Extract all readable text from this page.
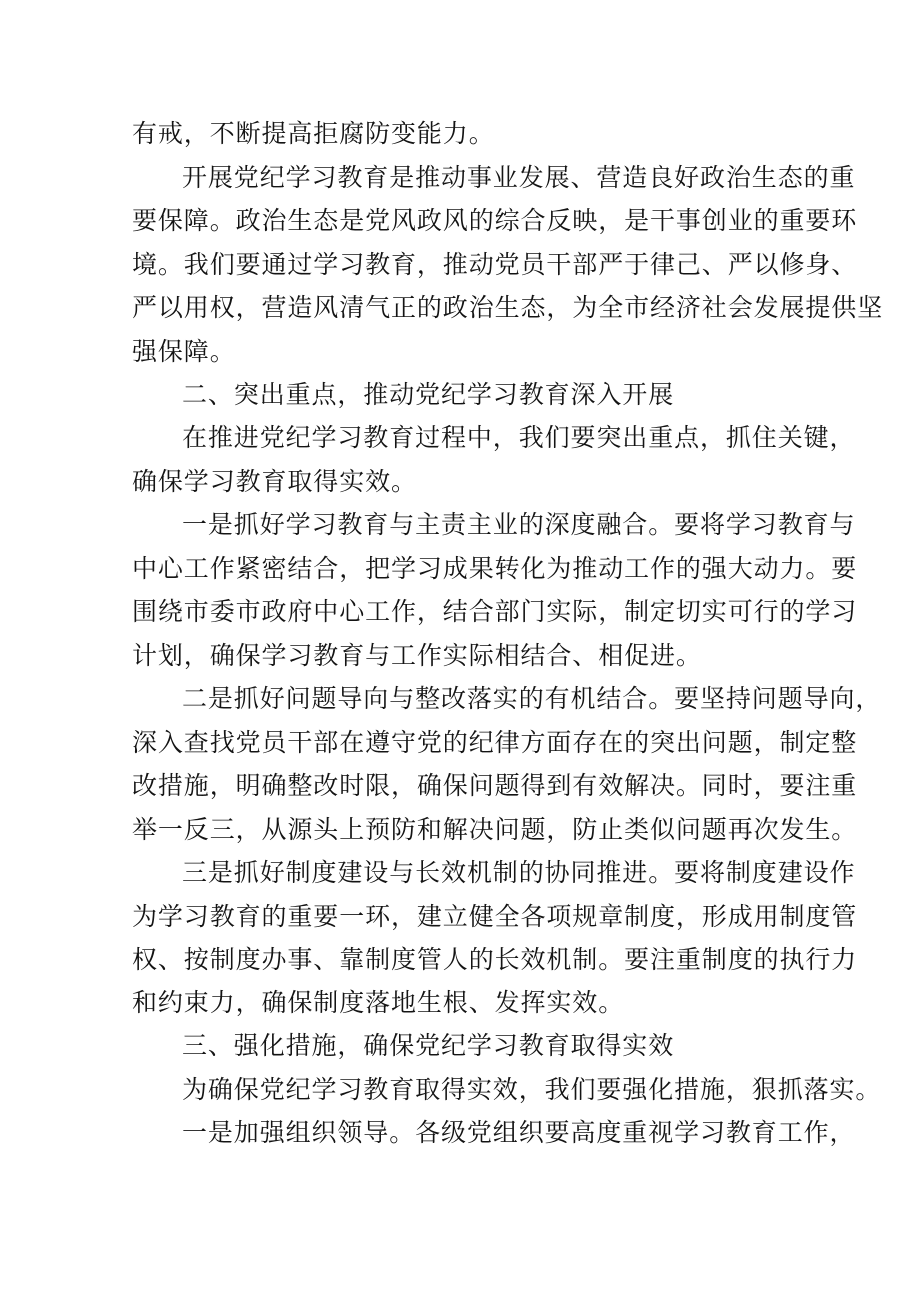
有戒，不断提高拒腐防变能力。
开展党纪学习教育是推动事业发展、营造良好政治生态的重
要保障。政治生态是党风政风的综合反映，是干事创业的重要环
境。我们要通过学习教育，推动党员干部严于律己、严以修身、
严以用权，营造风清气正的政治生态，为全市经济社会发展提供坚
强保障。
二、突出重点，推动党纪学习教育深入开展
在推进党纪学习教育过程中，我们要突出重点，抓住关键，
确保学习教育取得实效。
一是抓好学习教育与主责主业的深度融合。要将学习教育与
中心工作紧密结合，把学习成果转化为推动工作的强大动力。要
围绕市委市政府中心工作，结合部门实际，制定切实可行的学习
计划，确保学习教育与工作实际相结合、相促进。
二是抓好问题导向与整改落实的有机结合。要坚持问题导向，
深入查找党员干部在遵守党的纪律方面存在的突出问题，制定整
改措施，明确整改时限，确保问题得到有效解决。同时，要注重
举一反三，从源头上预防和解决问题，防止类似问题再次发生。
三是抓好制度建设与长效机制的协同推进。要将制度建设作
为学习教育的重要一环，建立健全各项规章制度，形成用制度管
权、按制度办事、靠制度管人的长效机制。要注重制度的执行力
和约束力，确保制度落地生根、发挥实效。
三、强化措施，确保党纪学习教育取得实效
为确保党纪学习教育取得实效，我们要强化措施，狠抓落实。
一是加强组织领导。各级党组织要高度重视学习教育工作，
